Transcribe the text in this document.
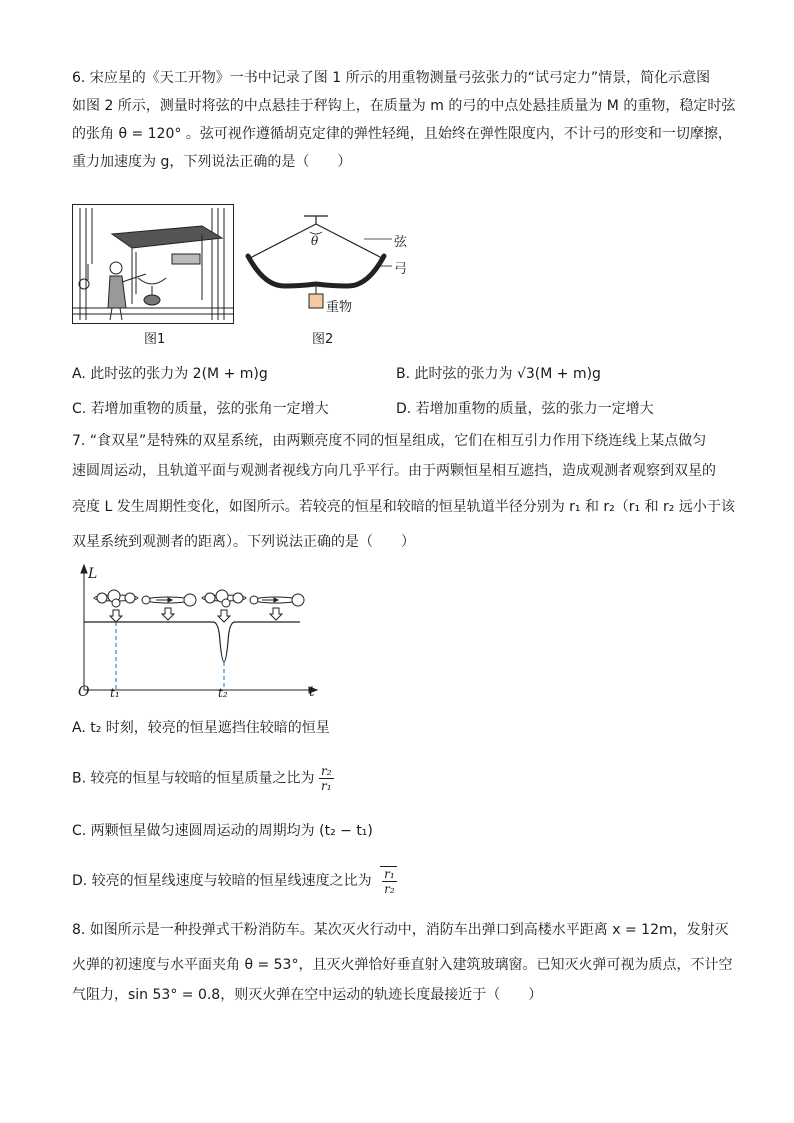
6. 宋应星的《天工开物》一书中记录了图 1 所示的用重物测量弓弦张力的“试弓定力”情景，简化示意图
如图 2 所示，测量时将弦的中点悬挂于秤钩上，在质量为 m 的弓的中点处悬挂质量为 M 的重物，稳定时弦
的张角 θ = 120° 。弦可视作遵循胡克定律的弹性轻绳，且始终在弹性限度内，不计弓的形变和一切摩擦，
重力加速度为 g，下列说法正确的是（　　）
图1
θ	弦
弓
重物
图2
A. 此时弦的张力为 2(M + m)g	B. 此时弦的张力为 √3(M + m)g
C. 若增加重物的质量，弦的张角一定增大	D. 若增加重物的质量，弦的张力一定增大
7. “食双星”是特殊的双星系统，由两颗亮度不同的恒星组成，它们在相互引力作用下绕连线上某点做匀
速圆周运动，且轨道平面与观测者视线方向几乎平行。由于两颗恒星相互遮挡，造成观测者观察到双星的
亮度 L 发生周期性变化，如图所示。若较亮的恒星和较暗的恒星轨道半径分别为 r₁ 和 r₂（r₁ 和 r₂ 远小于该
双星系统到观测者的距离）。下列说法正确的是（　　）
L
O t₁	t₂	t
A. t₂ 时刻，较亮的恒星遮挡住较暗的恒星
B. 较亮的恒星与较暗的恒星质量之比为 $\frac{\text{r₂}}{\text{r₁}}$
C. 两颗恒星做匀速圆周运动的周期均为 (t₂ − t₁)
D. 较亮的恒星线速度与较暗的恒星线速度之比为 $\frac{\text{r₁}}{\text{r₂}}$
8. 如图所示是一种投弹式干粉消防车。某次灭火行动中，消防车出弹口到高楼水平距离 x = 12m，发射灭
火弹的初速度与水平面夹角 θ = 53°，且灭火弹恰好垂直射入建筑玻璃窗。已知灭火弹可视为质点，不计空
气阻力，sin 53° = 0.8，则灭火弹在空中运动的轨迹长度最接近于（　　）
